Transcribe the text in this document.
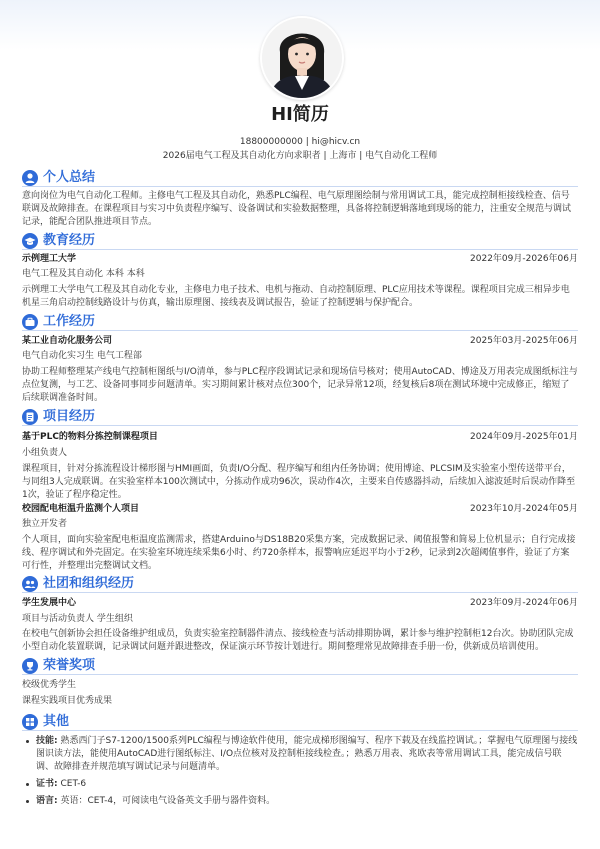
HI简历
18800000000 | hi@hicv.cn
2026届电气工程及其自动化方向求职者 | 上海市 | 电气自动化工程师
个人总结
意向岗位为电气自动化工程师。主修电气工程及其自动化，熟悉PLC编程、电气原理图绘制与常用调试工具，能完成控制柜接线检查、信号联调及故障排查。在课程项目与实习中负责程序编写、设备调试和实验数据整理，具备将控制逻辑落地到现场的能力，注重安全规范与调试记录，能配合团队推进项目节点。
教育经历
示例理工大学	2022年09月-2026年06月
电气工程及其自动化 本科 本科
示例理工大学电气工程及其自动化专业，主修电力电子技术、电机与拖动、自动控制原理、PLC应用技术等课程。课程项目完成三相异步电机星三角启动控制线路设计与仿真，输出原理图、接线表及调试报告，验证了控制逻辑与保护配合。
工作经历
某工业自动化服务公司	2025年03月-2025年06月
电气自动化实习生 电气工程部
协助工程师整理某产线电气控制柜图纸与I/O清单，参与PLC程序段调试记录和现场信号核对；使用AutoCAD、博途及万用表完成图纸标注与点位复测，与工艺、设备同事同步问题清单。实习期间累计核对点位300个，记录异常12项，经复核后8项在测试环境中完成修正，缩短了后续联调准备时间。
项目经历
基于PLC的物料分拣控制课程项目	2024年09月-2025年01月
小组负责人
课程项目，针对分拣流程设计梯形图与HMI画面，负责I/O分配、程序编写和组内任务协调；使用博途、PLCSIM及实验室小型传送带平台，与同组3人完成联调。在实验室样本100次测试中，分拣动作成功96次，误动作4次，主要来自传感器抖动，后续加入滤波延时后误动作降至1次，验证了程序稳定性。
校园配电柜温升监测个人项目	2023年10月-2024年05月
独立开发者
个人项目，面向实验室配电柜温度监测需求，搭建Arduino与DS18B20采集方案，完成数据记录、阈值报警和简易上位机显示；自行完成接线、程序调试和外壳固定。在实验室环境连续采集6小时、约720条样本，报警响应延迟平均小于2秒，记录到2次超阈值事件，验证了方案可行性，并整理出完整调试文档。
社团和组织经历
学生发展中心	2023年09月-2024年06月
项目与活动负责人 学生组织
在校电气创新协会担任设备维护组成员，负责实验室控制器件清点、接线检查与活动排期协调，累计参与维护控制柜12台次。协助团队完成小型自动化装置联调，记录调试问题并跟进整改，保证演示环节按计划进行。期间整理常见故障排查手册一份，供新成员培训使用。
荣誉奖项
校级优秀学生
课程实践项目优秀成果
其他
技能: 熟悉西门子S7-1200/1500系列PLC编程与博途软件使用，能完成梯形图编写、程序下载及在线监控调试。；掌握电气原理图与接线图识读方法，能使用AutoCAD进行图纸标注、I/O点位核对及控制柜接线检查。；熟悉万用表、兆欧表等常用调试工具，能完成信号联调、故障排查并规范填写调试记录与问题清单。
证书: CET-6
语言: 英语：CET-4，可阅读电气设备英文手册与器件资料。
